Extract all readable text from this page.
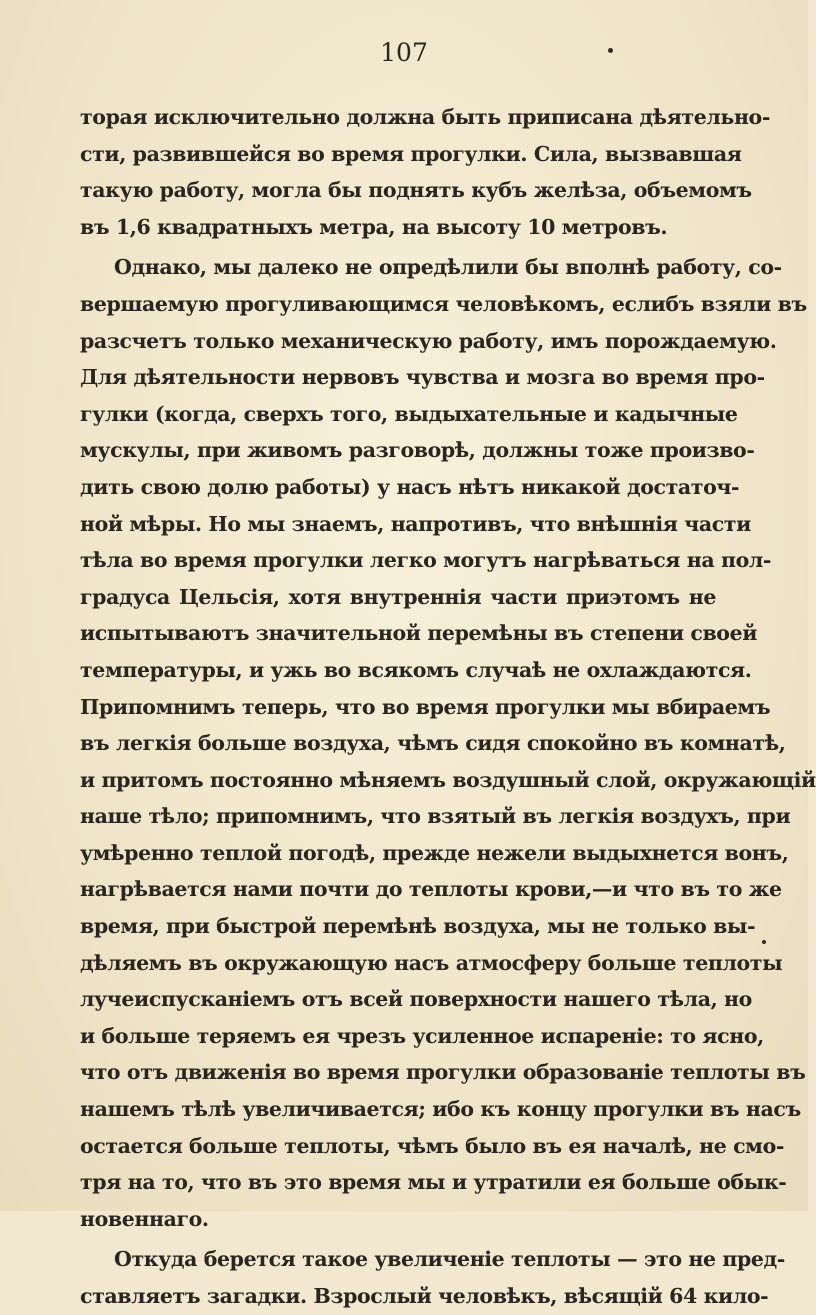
107
торая исключительно должна быть приписана дѣятельно-
сти, развившейся во время прогулки. Сила, вызвавшая
такую работу, могла бы поднять кубъ желѣза, объемомъ
въ 1,6 квадратныхъ метра, на высоту 10 метровъ.
Однако, мы далеко не опредѣлили бы вполнѣ работу, со-
вершаемую прогуливающимся человѣкомъ, еслибъ взяли въ
разсчетъ только механическую работу, имъ порождаемую.
Для дѣятельности нервовъ чувства и мозга во время про-
гулки (когда, сверхъ того, выдыхательные и кадычные
мускулы, при живомъ разговорѣ, должны тоже произво-
дить свою долю работы) у насъ нѣтъ никакой достаточ-
ной мѣры. Но мы знаемъ, напротивъ, что внѣшнія части
тѣла во время прогулки легко могутъ нагрѣваться на пол-
градуса Цельсія, хотя внутреннія части приэтомъ не
испытываютъ значительной перемѣны въ степени своей
температуры, и ужь во всякомъ случаѣ не охлаждаются.
Припомнимъ теперь, что во время прогулки мы вбираемъ
въ легкія больше воздуха, чѣмъ сидя спокойно въ комнатѣ,
и притомъ постоянно мѣняемъ воздушный слой, окружающій
наше тѣло; припомнимъ, что взятый въ легкія воздухъ, при
умѣренно теплой погодѣ, прежде нежели выдыхнется вонъ,
нагрѣвается нами почти до теплоты крови,—и что въ то же
время, при быстрой перемѣнѣ воздуха, мы не только вы-
дѣляемъ въ окружающую насъ атмосферу больше теплоты
лучеиспусканіемъ отъ всей поверхности нашего тѣла, но
и больше теряемъ ея чрезъ усиленное испареніе: то ясно,
что отъ движенія во время прогулки образованіе теплоты въ
нашемъ тѣлѣ увеличивается; ибо къ концу прогулки въ насъ
остается больше теплоты, чѣмъ было въ ея началѣ, не смо-
тря на то, что въ это время мы и утратили ея больше обык-
новеннаго.
Откуда берется такое увеличеніе теплоты — это не пред-
ставляетъ загадки. Взрослый человѣкъ, вѣсящій 64 кило-
